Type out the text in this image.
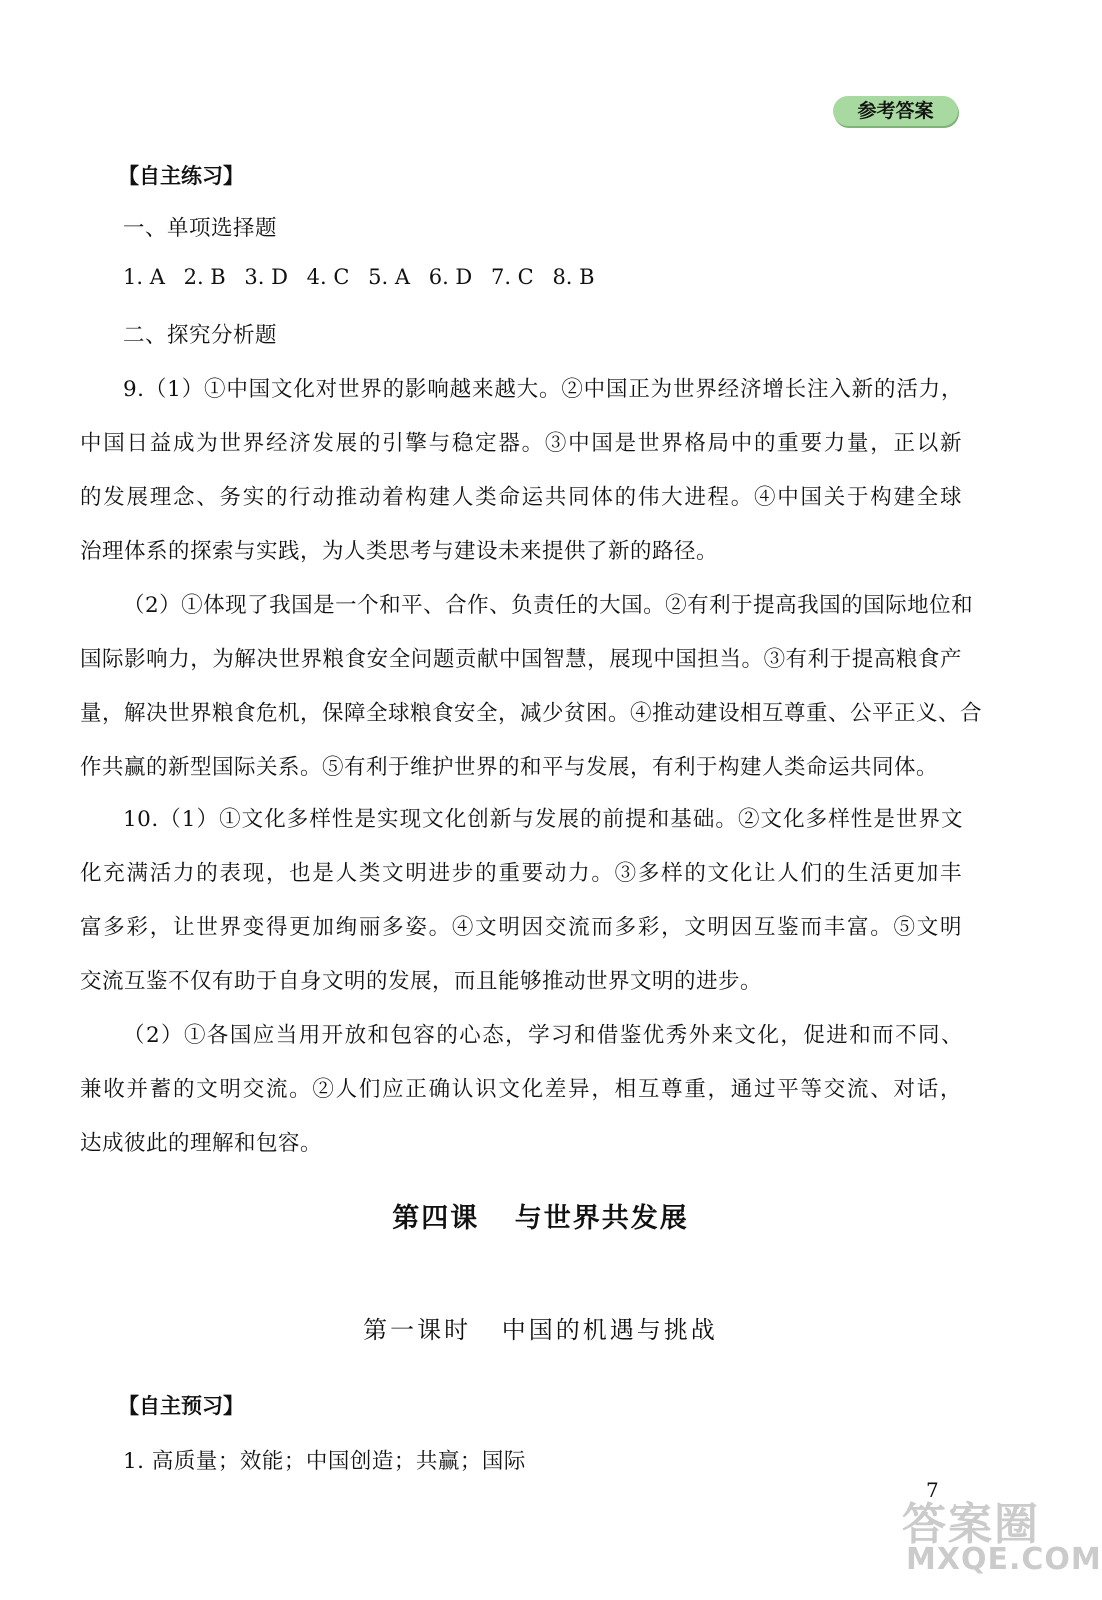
参考答案
【自主练习】
一、单项选择题
1. A 2. B 3. D 4. C 5. A 6. D 7. C 8. B
二、探究分析题
9.（1）①中国文化对世界的影响越来越大。②中国正为世界经济增长注入新的活力，
中国日益成为世界经济发展的引擎与稳定器。③中国是世界格局中的重要力量，正以新
的发展理念、务实的行动推动着构建人类命运共同体的伟大进程。④中国关于构建全球
治理体系的探索与实践，为人类思考与建设未来提供了新的路径。
（2）①体现了我国是一个和平、合作、负责任的大国。②有利于提高我国的国际地位和
国际影响力，为解决世界粮食安全问题贡献中国智慧，展现中国担当。③有利于提高粮食产
量，解决世界粮食危机，保障全球粮食安全，减少贫困。④推动建设相互尊重、公平正义、合
作共赢的新型国际关系。⑤有利于维护世界的和平与发展，有利于构建人类命运共同体。
10.（1）①文化多样性是实现文化创新与发展的前提和基础。②文化多样性是世界文
化充满活力的表现，也是人类文明进步的重要动力。③多样的文化让人们的生活更加丰
富多彩，让世界变得更加绚丽多姿。④文明因交流而多彩，文明因互鉴而丰富。⑤文明
交流互鉴不仅有助于自身文明的发展，而且能够推动世界文明的进步。
（2）①各国应当用开放和包容的心态，学习和借鉴优秀外来文化，促进和而不同、
兼收并蓄的文明交流。②人们应正确认识文化差异，相互尊重，通过平等交流、对话，
达成彼此的理解和包容。
第四课 与世界共发展
第一课时 中国的机遇与挑战
【自主预习】
1. 高质量；效能；中国创造；共赢；国际
7
答案圈
MXQE.COM
